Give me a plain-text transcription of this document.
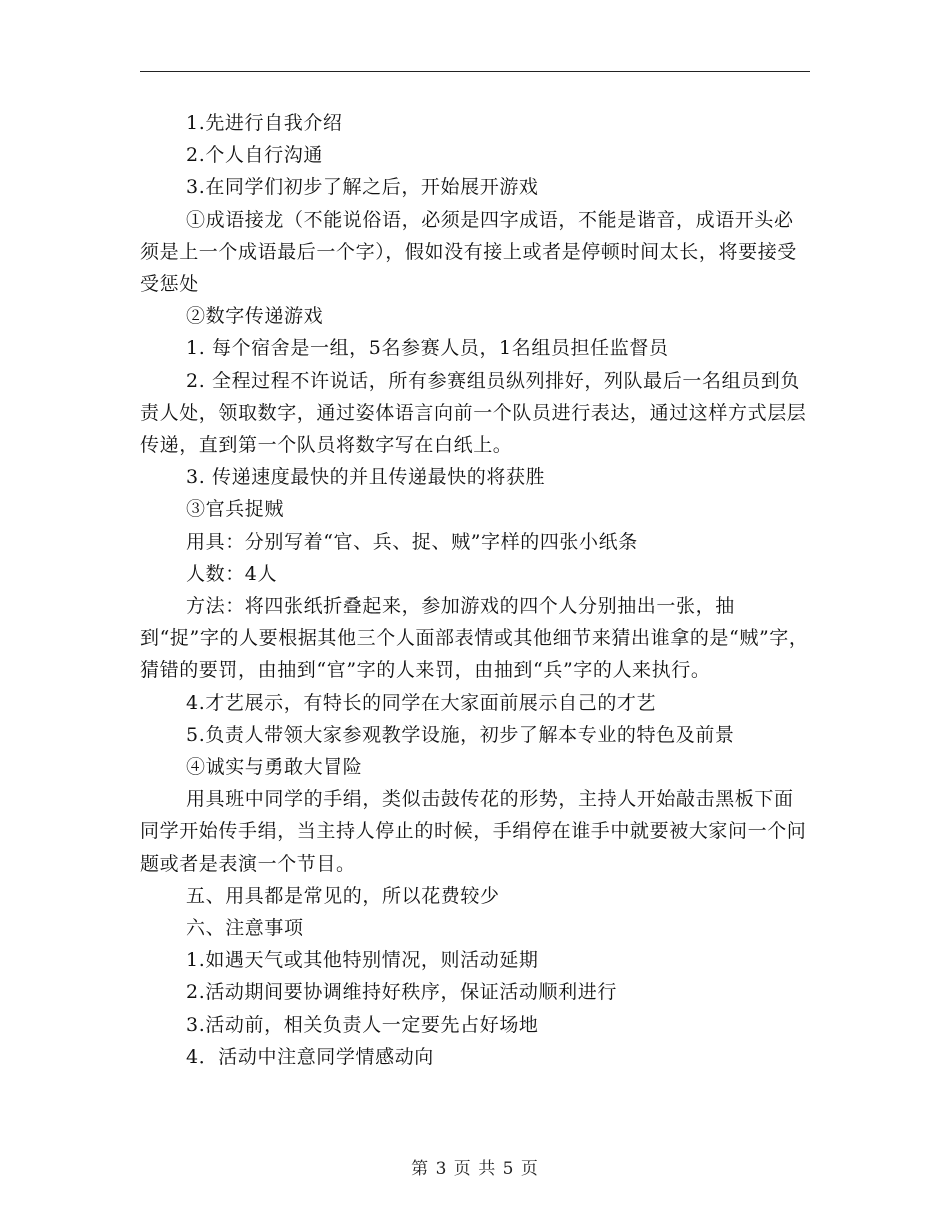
1.先进行自我介绍

2.个人自行沟通

3.在同学们初步了解之后，开始展开游戏

①成语接龙（不能说俗语，必须是四字成语，不能是谐音，成语开头必须是上一个成语最后一个字），假如没有接上或者是停顿时间太长，将要接受受惩处

②数字传递游戏

1. 每个宿舍是一组，5名参赛人员，1名组员担任监督员

2. 全程过程不许说话，所有参赛组员纵列排好，列队最后一名组员到负责人处，领取数字，通过姿体语言向前一个队员进行表达，通过这样方式层层传递，直到第一个队员将数字写在白纸上。

3. 传递速度最快的并且传递最快的将获胜

③官兵捉贼

用具：分别写着“官、兵、捉、贼”字样的四张小纸条

人数：4人

方法：将四张纸折叠起来，参加游戏的四个人分别抽出一张，抽到“捉”字的人要根据其他三个人面部表情或其他细节来猜出谁拿的是“贼”字，猜错的要罚，由抽到“官”字的人来罚，由抽到“兵”字的人来执行。

4.才艺展示，有特长的同学在大家面前展示自己的才艺

5.负责人带领大家参观教学设施，初步了解本专业的特色及前景

④诚实与勇敢大冒险

用具班中同学的手绢，类似击鼓传花的形势，主持人开始敲击黑板下面同学开始传手绢，当主持人停止的时候，手绢停在谁手中就要被大家问一个问题或者是表演一个节目。

五、用具都是常见的，所以花费较少

六、注意事项

1.如遇天气或其他特别情况，则活动延期

2.活动期间要协调维持好秩序，保证活动顺利进行

3.活动前，相关负责人一定要先占好场地

4．活动中注意同学情感动向

第 3 页 共 5 页
